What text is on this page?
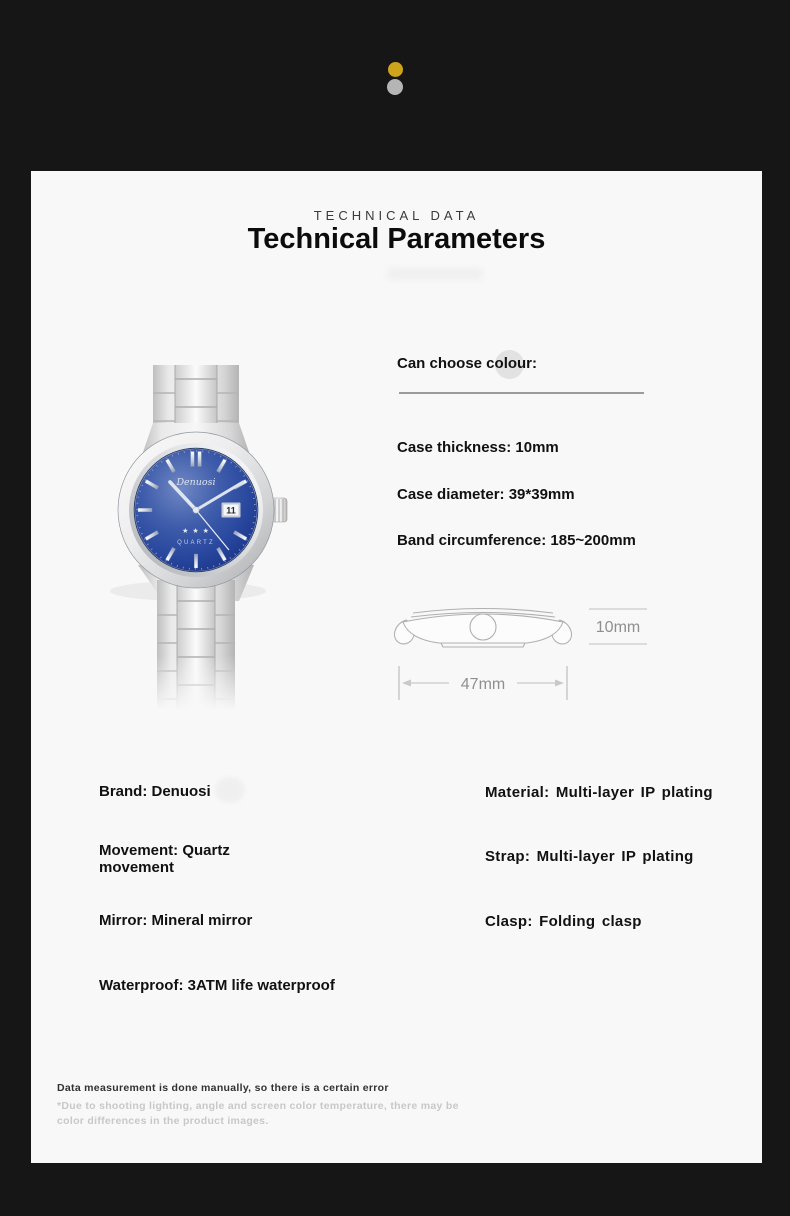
TECHNICAL DATA
Technical Parameters
11
Denuosi
★ ★ ★
QUARTZ
Can choose colour:
Case thickness: 10mm
Case diameter: 39*39mm
Band circumference: 185~200mm
10mm
47mm
Brand: Denuosi
Movement: Quartz movement
Mirror: Mineral mirror
Waterproof: 3ATM life waterproof
Material: Multi-layer IP plating
Strap: Multi-layer IP plating
Clasp: Folding clasp
Data measurement is done manually, so there is a certain error
*Due to shooting lighting, angle and screen color temperature, there may be color differences in the product images.
